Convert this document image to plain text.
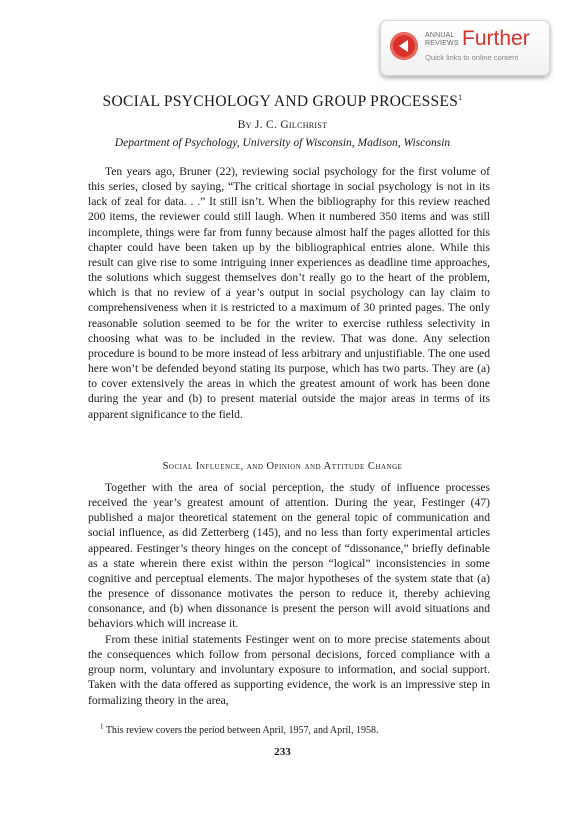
ANNUAL
REVIEWS Further
Quick links to online content
SOCIAL PSYCHOLOGY AND GROUP PROCESSES$^1$
By J. C. Gilchrist
Department of Psychology, University of Wisconsin, Madison, Wisconsin

Ten years ago, Bruner (22), reviewing social psychology for the first volume of this series, closed by saying, “The critical shortage in social psychology is not in its lack of zeal for data. . .” It still isn’t. When the bibliography for this review reached 200 items, the reviewer could still laugh. When it numbered 350 items and was still incomplete, things were far from funny because almost half the pages allotted for this chapter could have been taken up by the bibliographical entries alone. While this result can give rise to some intriguing inner experiences as deadline time approaches, the solutions which suggest themselves don’t really go to the heart of the problem, which is that no review of a year’s output in social psychology can lay claim to comprehensiveness when it is restricted to a maximum of 30 printed pages. The only reasonable solution seemed to be for the writer to exercise ruthless selectivity in choosing what was to be included in the review. That was done. Any selection procedure is bound to be more instead of less arbitrary and unjustifiable. The one used here won’t be defended beyond stating its purpose, which has two parts. They are (a) to cover extensively the areas in which the greatest amount of work has been done during the year and (b) to present material outside the major areas in terms of its apparent significance to the field.

Social Influence, and Opinion and Attitude Change

Together with the area of social perception, the study of influence processes received the year’s greatest amount of attention. During the year, Festinger (47) published a major theoretical statement on the general topic of communication and social influence, as did Zetterberg (145), and no less than forty experimental articles appeared. Festinger’s theory hinges on the concept of “dissonance,” briefly definable as a state wherein there exist within the person “logical” inconsistencies in some cognitive and perceptual elements. The major hypotheses of the system state that (a) the presence of dissonance motivates the person to reduce it, thereby achieving consonance, and (b) when dissonance is present the person will avoid situations and behaviors which will increase it.

From these initial statements Festinger went on to more precise statements about the consequences which follow from personal decisions, forced compliance with a group norm, voluntary and involuntary exposure to information, and social support. Taken with the data offered as supporting evidence, the work is an impressive step in formalizing theory in the area,

$^1$ This review covers the period between April, 1957, and April, 1958.
233
